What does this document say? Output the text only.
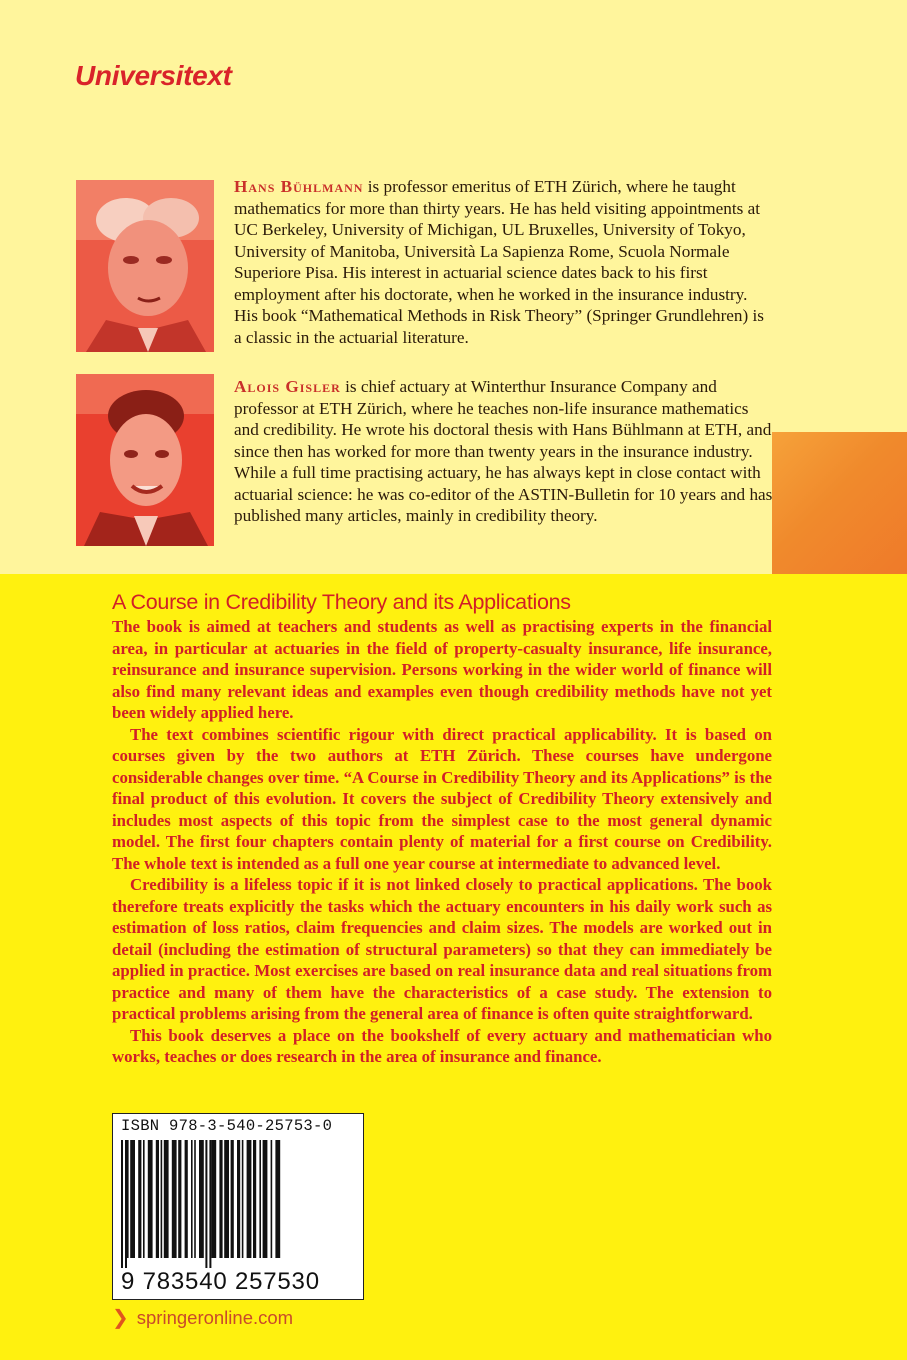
Universitext
Hans Bühlmann is professor emeritus of ETH Zürich, where he taught mathematics for more than thirty years. He has held visiting appointments at UC Berkeley, University of Michigan, UL Bruxelles, University of Tokyo, University of Manitoba, Università La Sapienza Rome, Scuola Normale Superiore Pisa. His interest in actuarial science dates back to his first employment after his doctorate, when he worked in the insurance industry. His book “Mathematical Methods in Risk Theory” (Springer Grundlehren) is a classic in the actuarial literature.
Alois Gisler is chief actuary at Winterthur Insurance Company and professor at ETH Zürich, where he teaches non-life insurance mathematics and credibility. He wrote his doctoral thesis with Hans Bühlmann at ETH, and since then has worked for more than twenty years in the insurance industry. While a full time practising actuary, he has always kept in close contact with actuarial science: he was co-editor of the ASTIN-Bulletin for 10 years and has published many articles, mainly in credibility theory.
A Course in Credibility Theory and its Applications

The book is aimed at teachers and students as well as practising experts in the financial area, in particular at actuaries in the field of property-casualty insurance, life insurance, reinsurance and insurance supervision. Persons working in the wider world of finance will also find many relevant ideas and examples even though credibility methods have not yet been widely applied here.

The text combines scientific rigour with direct practical applicability. It is based on courses given by the two authors at ETH Zürich. These courses have undergone considerable changes over time. “A Course in Credibility Theory and its Applications” is the final product of this evolution. It covers the subject of Credibility Theory extensively and includes most aspects of this topic from the simplest case to the most general dynamic model. The first four chapters contain plenty of material for a first course on Credibility. The whole text is intended as a full one year course at intermediate to advanced level.

Credibility is a lifeless topic if it is not linked closely to practical applications. The book therefore treats explicitly the tasks which the actuary encounters in his daily work such as estimation of loss ratios, claim frequencies and claim sizes. The models are worked out in detail (including the estimation of structural parameters) so that they can immediately be applied in practice. Most exercises are based on real insurance data and real situations from practice and many of them have the characteristics of a case study. The extension to practical problems arising from the general area of finance is often quite straightforward.

This book deserves a place on the bookshelf of every actuary and mathematician who works, teaches or does research in the area of insurance and finance.

ISBN 978-3-540-25753-0
9 783540 257530
❯ springeronline.com
